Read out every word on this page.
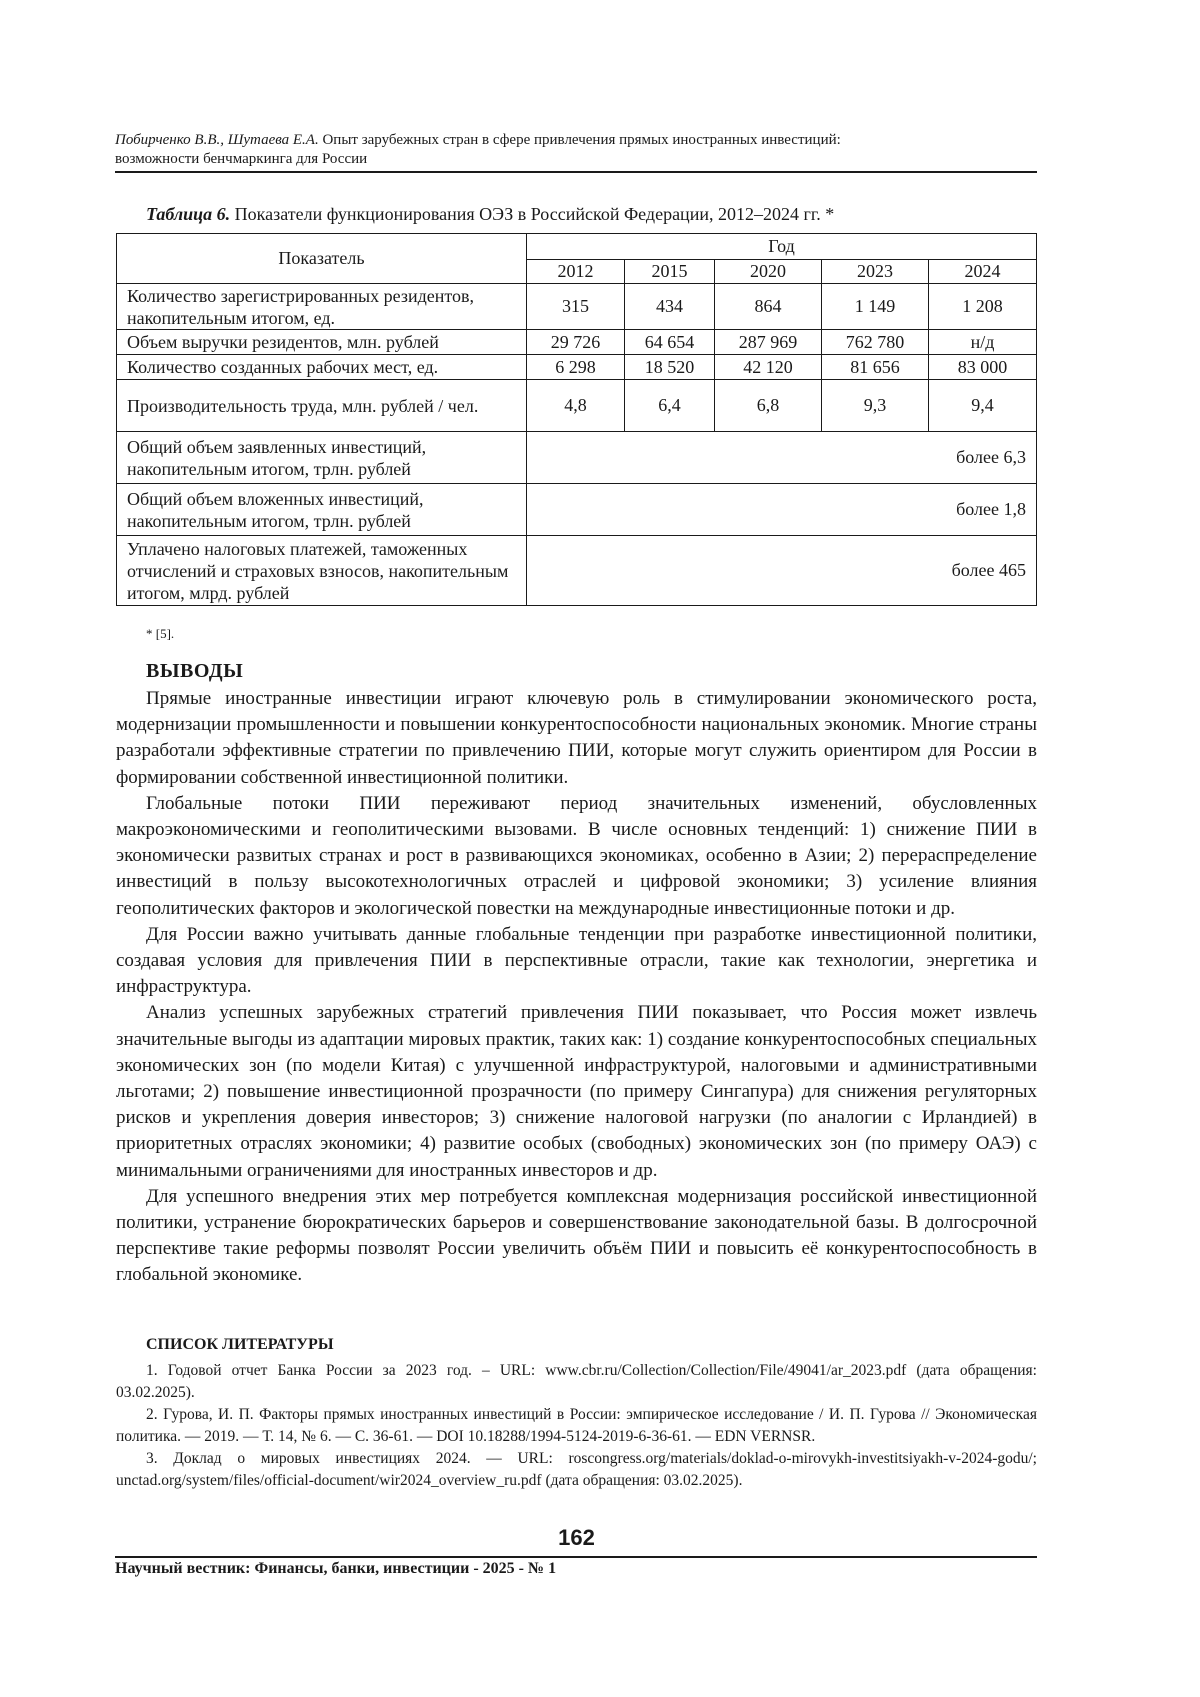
Побирченко В.В., Шутаева Е.А. Опыт зарубежных стран в сфере привлечения прямых иностранных инвестиций:
возможности бенчмаркинга для России
Таблица 6. Показатели функционирования ОЭЗ в Российской Федерации, 2012–2024 гг. *
Показатель	Год				
	2012	2015	2020	2023	2024
Количество зарегистрированных резидентов, накопительным итогом, ед.	315	434	864	1 149	1 208
Объем выручки резидентов, млн. рублей	29 726	64 654	287 969	762 780	н/д
Количество созданных рабочих мест, ед.	6 298	18 520	42 120	81 656	83 000
Производительность труда, млн. рублей / чел.	4,8	6,4	6,8	9,3	9,4
Общий объем заявленных инвестиций, накопительным итогом, трлн. рублей	более 6,3				
Общий объем вложенных инвестиций, накопительным итогом, трлн. рублей	более 1,8				
Уплачено налоговых платежей, таможенных отчислений и страховых взносов, накопительным итогом, млрд. рублей	более 465				
* [5].
ВЫВОДЫ

Прямые иностранные инвестиции играют ключевую роль в стимулировании экономического роста, модернизации промышленности и повышении конкурентоспособности национальных экономик. Многие страны разработали эффективные стратегии по привлечению ПИИ, которые могут служить ориентиром для России в формировании собственной инвестиционной политики.

Глобальные потоки ПИИ переживают период значительных изменений, обусловленных макроэкономическими и геополитическими вызовами. В числе основных тенденций: 1) снижение ПИИ в экономически развитых странах и рост в развивающихся экономиках, особенно в Азии; 2) перераспределение инвестиций в пользу высокотехнологичных отраслей и цифровой экономики; 3) усиление влияния геополитических факторов и экологической повестки на международные инвестиционные потоки и др.

Для России важно учитывать данные глобальные тенденции при разработке инвестиционной политики, создавая условия для привлечения ПИИ в перспективные отрасли, такие как технологии, энергетика и инфраструктура.

Анализ успешных зарубежных стратегий привлечения ПИИ показывает, что Россия может извлечь значительные выгоды из адаптации мировых практик, таких как: 1) создание конкурентоспособных специальных экономических зон (по модели Китая) с улучшенной инфраструктурой, налоговыми и административными льготами; 2) повышение инвестиционной прозрачности (по примеру Сингапура) для снижения регуляторных рисков и укрепления доверия инвесторов; 3) снижение налоговой нагрузки (по аналогии с Ирландией) в приоритетных отраслях экономики; 4) развитие особых (свободных) экономических зон (по примеру ОАЭ) с минимальными ограничениями для иностранных инвесторов и др.

Для успешного внедрения этих мер потребуется комплексная модернизация российской инвестиционной политики, устранение бюрократических барьеров и совершенствование законодательной базы. В долгосрочной перспективе такие реформы позволят России увеличить объём ПИИ и повысить её конкурентоспособность в глобальной экономике.

СПИСОК ЛИТЕРАТУРЫ

1. Годовой отчет Банка России за 2023 год. – URL: www.cbr.ru/Collection/Collection/File/49041/ar_2023.pdf (дата обращения: 03.02.2025).

2. Гурова, И. П. Факторы прямых иностранных инвестиций в России: эмпирическое исследование / И. П. Гурова // Экономическая политика. — 2019. — Т. 14, № 6. — С. 36-61. — DOI 10.18288/1994-5124-2019-6-36-61. — EDN VERNSR.

3. Доклад о мировых инвестициях 2024. — URL: roscongress.org/materials/doklad-o-mirovykh-investitsiyakh-v-2024-godu/; unctad.org/system/files/official-document/wir2024_overview_ru.pdf (дата обращения: 03.02.2025).

162
Научный вестник: Финансы, банки, инвестиции - 2025 - № 1
